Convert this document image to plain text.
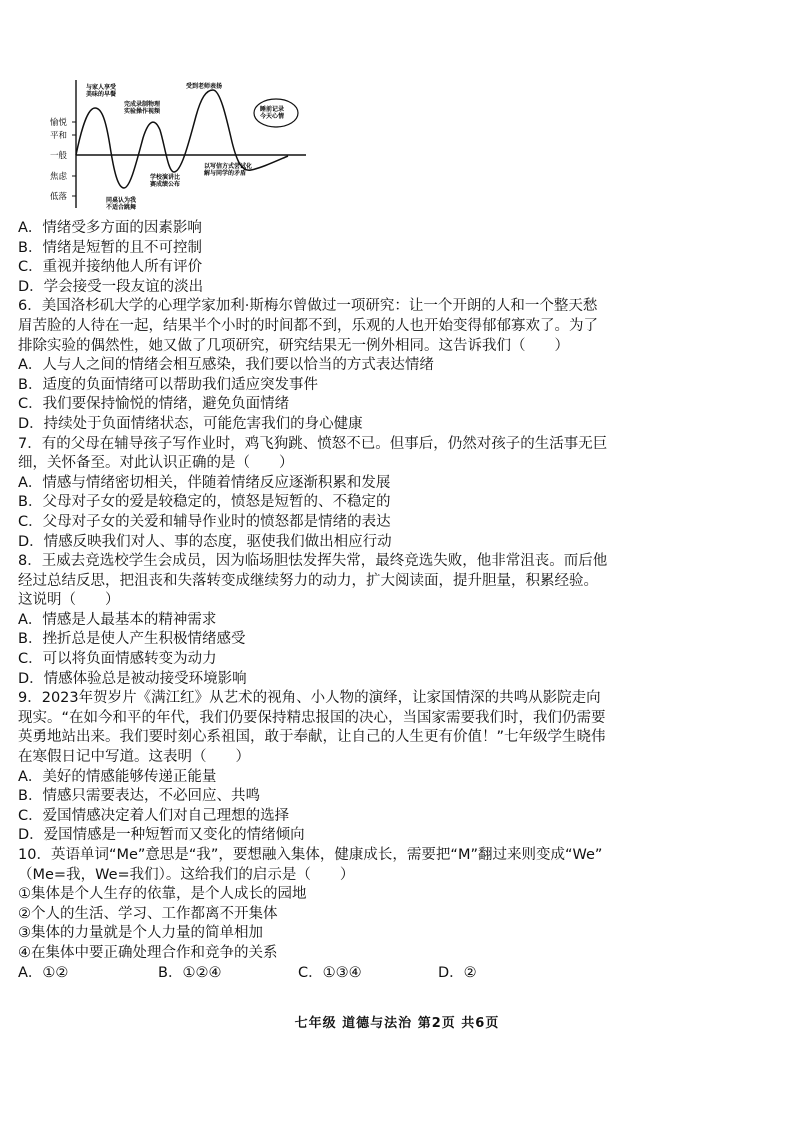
愉悦
平和
一般
焦虑
低落
与家人享受
美味的早餐
完成录制物理
实验操作视频
受到老师表扬
睡前记录
今天心情
同桌认为我
不适合跳舞
学校演讲比
赛成绩公布
以写信方式尝试化
解与同学的矛盾
A．情绪受多方面的因素影响
B．情绪是短暂的且不可控制
C．重视并接纳他人所有评价
D．学会接受一段友谊的淡出
6．美国洛杉矶大学的心理学家加利·斯梅尔曾做过一项研究：让一个开朗的人和一个整天愁
眉苦脸的人待在一起，结果半个小时的时间都不到，乐观的人也开始变得郁郁寡欢了。为了
排除实验的偶然性，她又做了几项研究，研究结果无一例外相同。这告诉我们（　　）
A．人与人之间的情绪会相互感染，我们要以恰当的方式表达情绪
B．适度的负面情绪可以帮助我们适应突发事件
C．我们要保持愉悦的情绪，避免负面情绪
D．持续处于负面情绪状态，可能危害我们的身心健康
7．有的父母在辅导孩子写作业时，鸡飞狗跳、愤怒不已。但事后，仍然对孩子的生活事无巨
细，关怀备至。对此认识正确的是（　　）
A．情感与情绪密切相关，伴随着情绪反应逐渐积累和发展
B．父母对子女的爱是较稳定的，愤怒是短暂的、不稳定的
C．父母对子女的关爱和辅导作业时的愤怒都是情绪的表达
D．情感反映我们对人、事的态度，驱使我们做出相应行动
8．王威去竞选校学生会成员，因为临场胆怯发挥失常，最终竞选失败，他非常沮丧。而后他
经过总结反思，把沮丧和失落转变成继续努力的动力，扩大阅读面，提升胆量，积累经验。
这说明（　　）
A．情感是人最基本的精神需求
B．挫折总是使人产生积极情绪感受
C．可以将负面情感转变为动力
D．情感体验总是被动接受环境影响
9．2023年贺岁片《满江红》从艺术的视角、小人物的演绎，让家国情深的共鸣从影院走向
现实。“在如今和平的年代，我们仍要保持精忠报国的决心，当国家需要我们时，我们仍需要
英勇地站出来。我们要时刻心系祖国，敢于奉献，让自己的人生更有价值！”七年级学生晓伟
在寒假日记中写道。这表明（　　）
A．美好的情感能够传递正能量
B．情感只需要表达，不必回应、共鸣
C．爱国情感决定着人们对自己理想的选择
D．爱国情感是一种短暂而又变化的情绪倾向
10．英语单词“Me”意思是“我”，要想融入集体，健康成长，需要把“M”翻过来则变成“We”
（Me=我，We=我们）。这给我们的启示是（　　）
①集体是个人生存的依靠，是个人成长的园地
②个人的生活、学习、工作都离不开集体
③集体的力量就是个人力量的简单相加
④在集体中要正确处理合作和竞争的关系
A．①②	B．①②④	C．①③④	D．②
七年级 道德与法治 第2页 共6页
